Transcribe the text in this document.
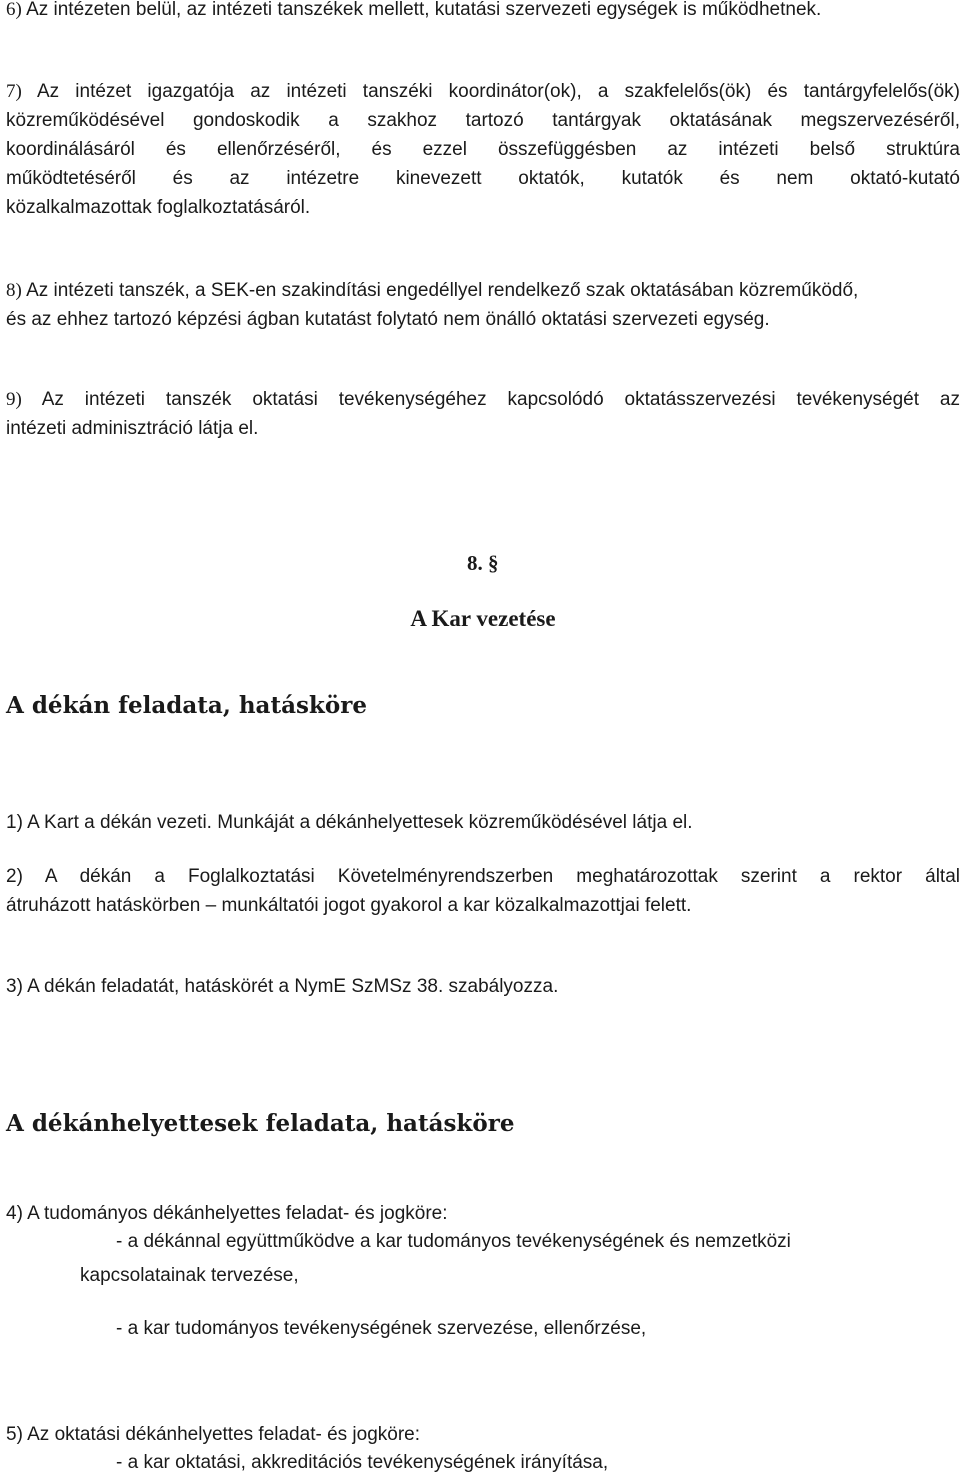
6) Az intézeten belül, az intézeti tanszékek mellett, kutatási szervezeti egységek is működhetnek.
7) Az intézet igazgatója az intézeti tanszéki koordinátor(ok), a szakfelelős(ök) és tantárgyfelelős(ök)
közreműködésével gondoskodik a szakhoz tartozó tantárgyak oktatásának megszervezéséről,
koordinálásáról és ellenőrzéséről, és ezzel összefüggésben az intézeti belső struktúra
működtetéséről és az intézetre kinevezett oktatók, kutatók és nem oktató-kutató
közalkalmazottak foglalkoztatásáról.
8) Az intézeti tanszék, a SEK-en szakindítási engedéllyel rendelkező szak oktatásában közreműködő,
és az ehhez tartozó képzési ágban kutatást folytató nem önálló oktatási szervezeti egység.
9) Az intézeti tanszék oktatási tevékenységéhez kapcsolódó oktatásszervezési tevékenységét az
intézeti adminisztráció látja el.
8. §
A Kar vezetése
A dékán feladata, hatásköre
1) A Kart a dékán vezeti. Munkáját a dékánhelyettesek közreműködésével látja el.
2) A dékán a Foglalkoztatási Követelményrendszerben meghatározottak szerint a rektor által
átruházott hatáskörben – munkáltatói jogot gyakorol a kar közalkalmazottjai felett.
3) A dékán feladatát, hatáskörét a NymE SzMSz 38. szabályozza.
A dékánhelyettesek feladata, hatásköre
4) A tudományos dékánhelyettes feladat- és jogköre:
- a dékánnal együttműködve a kar tudományos tevékenységének és nemzetközi
kapcsolatainak tervezése,
- a kar tudományos tevékenységének szervezése, ellenőrzése,
5) Az oktatási dékánhelyettes feladat- és jogköre:
- a kar oktatási, akkreditációs tevékenységének irányítása,
